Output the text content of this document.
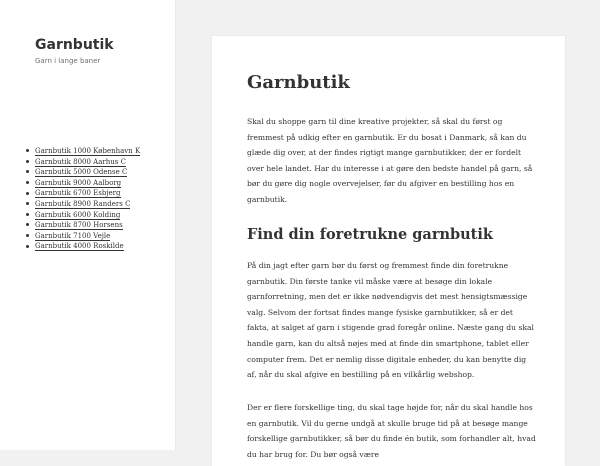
Garnbutik
Garn i lange baner
Garnbutik 1000 København K
Garnbutik 8000 Aarhus C
Garnbutik 5000 Odense C
Garnbutik 9000 Aalborg
Garnbutik 6700 Esbjerg
Garnbutik 8900 Randers C
Garnbutik 6000 Kolding
Garnbutik 8700 Horsens
Garnbutik 7100 Vejle
Garnbutik 4000 Roskilde
Garnbutik

Skal du shoppe garn til dine kreative projekter, så skal du først og fremmest på udkig efter en garnbutik. Er du bosat i Danmark, så kan du glæde dig over, at der findes rigtigt mange garnbutikker, der er fordelt over hele landet. Har du interesse i at gøre den bedste handel på garn, så bør du gøre dig nogle overvejelser, før du afgiver en bestilling hos en garnbutik.

Find din foretrukne garnbutik

På din jagt efter garn bør du først og fremmest finde din foretrukne garnbutik. Din første tanke vil måske være at besøge din lokale garnforretning, men det er ikke nødvendigvis det mest hensigtsmæssige valg. Selvom der fortsat findes mange fysiske garnbutikker, så er det fakta, at salget af garn i stigende grad foregår online. Næste gang du skal handle garn, kan du altså nøjes med at finde din smartphone, tablet eller computer frem. Det er nemlig disse digitale enheder, du kan benytte dig af, når du skal afgive en bestilling på en vilkårlig webshop.

Der er flere forskellige ting, du skal tage højde for, når du skal handle hos en garnbutik. Vil du gerne undgå at skulle bruge tid på at besøge mange forskellige garnbutikker, så bør du finde én butik, som forhandler alt, hvad du har brug for. Du bør også være
